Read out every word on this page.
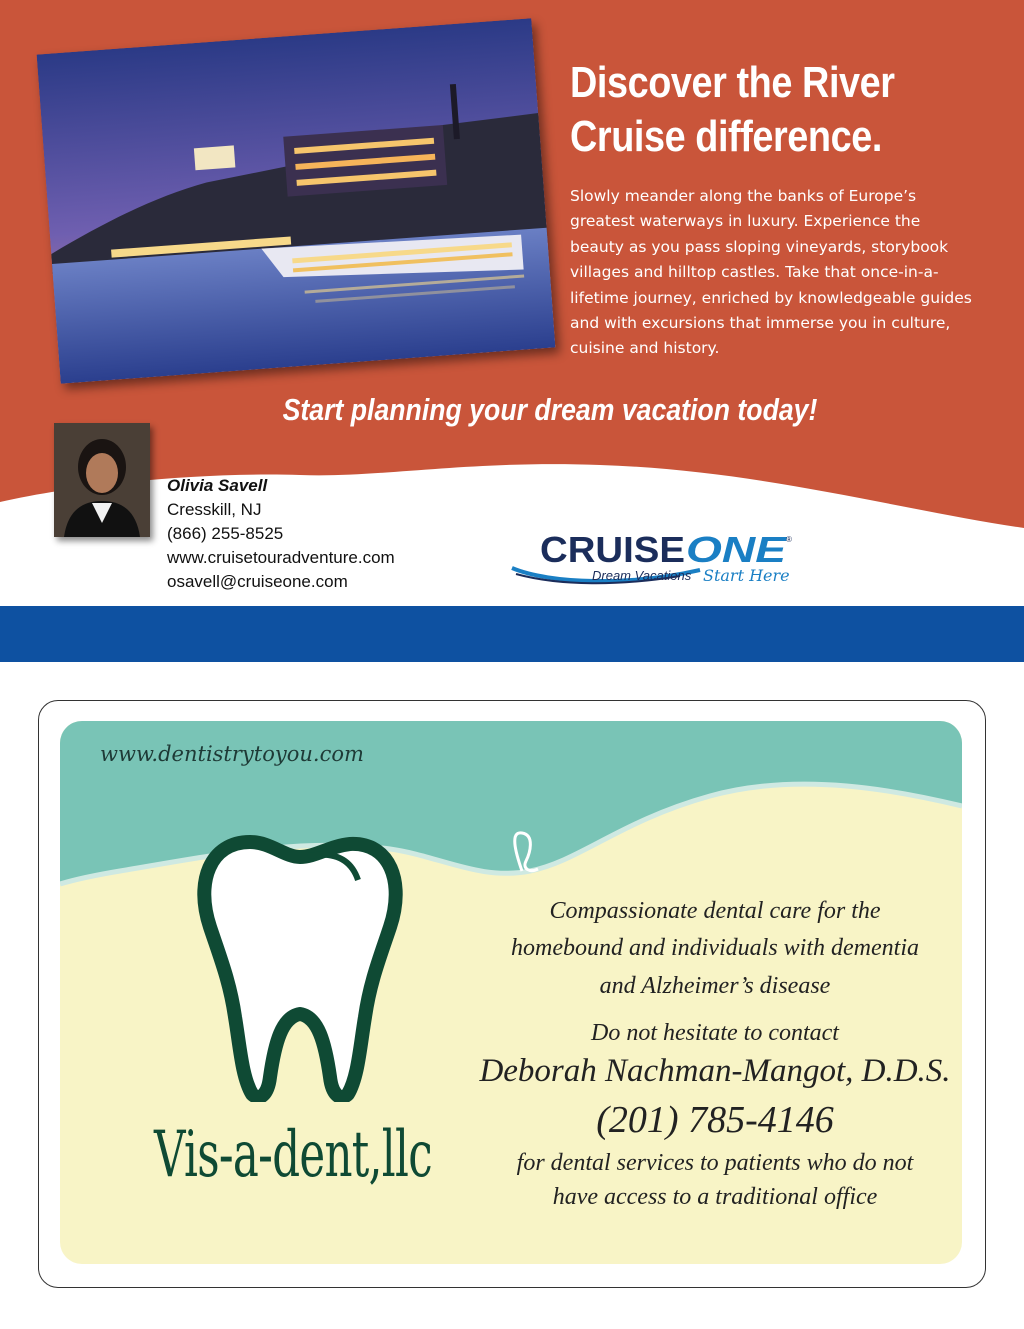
Discover the River
Cruise difference.

Slowly meander along the banks of Europe’s
greatest waterways in luxury. Experience the
beauty as you pass sloping vineyards, storybook
villages and hilltop castles. Take that once-in-a-
lifetime journey, enriched by knowledgeable guides
and with excursions that immerse you in culture,
cuisine and history.

Start planning your dream vacation today!

Olivia Savell
Cresskill, NJ
(866) 255-8525
www.cruisetouradventure.com
osavell@cruiseone.com
CRUISE ONE
®
Dream Vacations Start Here

www.dentistrytoyou.com

Vis-a-dent,llc

Compassionate dental care for the

homebound and individuals with dementia

and Alzheimer’s disease

Do not hesitate to contact

Deborah Nachman-Mangot, D.D.S.

(201) 785-4146

for dental services to patients who do not

have access to a traditional office
